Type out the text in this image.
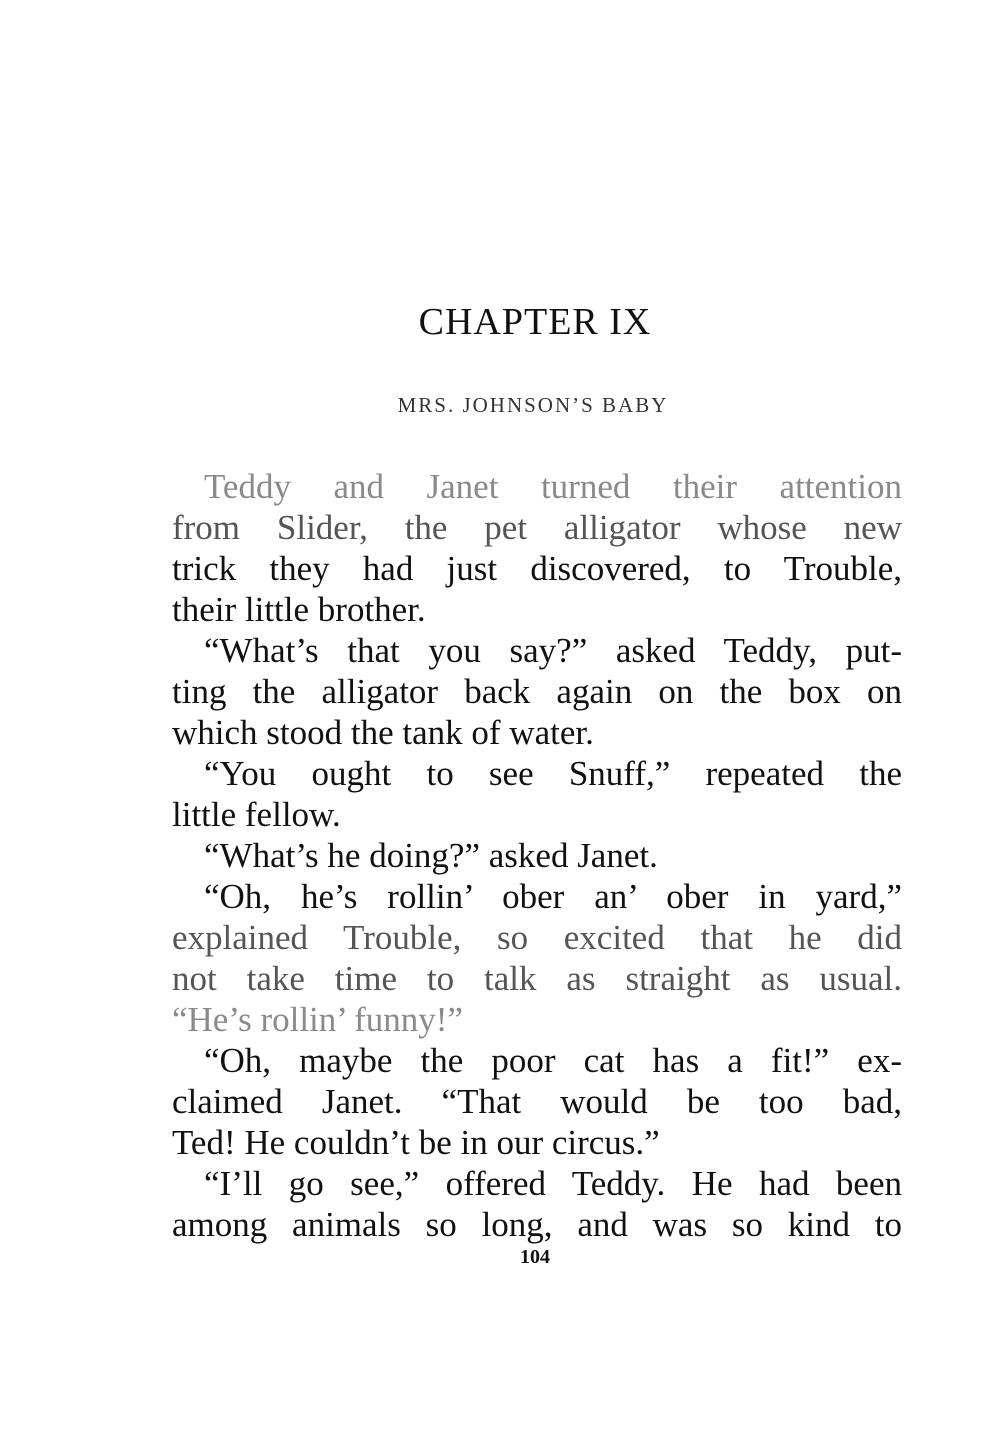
CHAPTER IX
MRS. JOHNSON’S BABY
Teddy and Janet turned their attention
from Slider, the pet alligator whose new
trick they had just discovered, to Trouble,
their little brother.
“What’s that you say?” asked Teddy, put-
ting the alligator back again on the box on
which stood the tank of water.
“You ought to see Snuff,” repeated the
little fellow.
“What’s he doing?” asked Janet.
“Oh, he’s rollin’ ober an’ ober in yard,”
explained Trouble, so excited that he did
not take time to talk as straight as usual.
“He’s rollin’ funny!”
“Oh, maybe the poor cat has a fit!” ex-
claimed Janet. “That would be too bad,
Ted! He couldn’t be in our circus.”
“I’ll go see,” offered Teddy. He had been
among animals so long, and was so kind to
104
